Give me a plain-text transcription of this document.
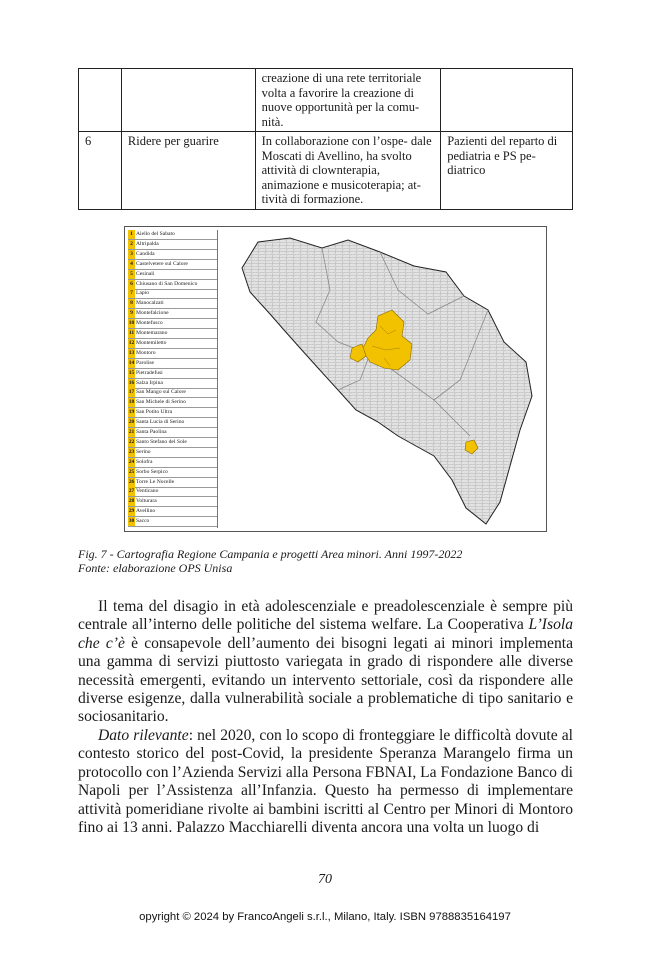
		creazione di una rete territoriale volta a favorire la creazione di nuove opportunità per la comu- nità.	
6	Ridere per guarire	In collaborazione con l’ospe- dale Moscati di Avellino, ha svolto attività di clownterapia, animazione e musicoterapia; at- tività di formazione.	Pazienti del reparto di pediatria e PS pe- diatrico
1 Aiello del Sabato
2 Altripalda
3 Candida
4 Castelvetere sul Calore
5 Cesinali
6 Chiusano di San Domenico
7 Lapio
8 Manocalzati
9 Montefalcione
10 Montefusco
11 Montemarano
12 Montemiletto
13 Montoro
14 Parolise
15 Pietradefusi
16 Salza Irpina
17 San Mango sul Calore
18 San Michele di Serino
19 San Potito Ultra
20 Santa Lucia di Serino
21 Santa Paolina
22 Santo Stefano del Sole
23 Serino
24 Solofra
25 Sorbo Serpico
26 Torre Le Nocelle
27 Venticano
28 Volturara
29 Avellino
30 Sacco
Fig. 7 - Cartografia Regione Campania e progetti Area minori. Anni 1997-2022
Fonte: elaborazione OPS Unisa

Il tema del disagio in età adolescenziale e preadolescenziale è sempre più centrale all’interno delle politiche del sistema welfare. La Cooperativa L’Isola che c’è è consapevole dell’aumento dei bisogni legati ai minori implementa una gamma di servizi piuttosto variegata in grado di rispondere alle diverse necessità emergenti, evitando un intervento settoriale, così da rispondere alle diverse esigenze, dalla vulnerabilità sociale a problematiche di tipo sanitario e sociosanitario.

Dato rilevante: nel 2020, con lo scopo di fronteggiare le difficoltà dovute al contesto storico del post-Covid, la presidente Speranza Marangelo firma un protocollo con l’Azienda Servizi alla Persona FBNAI, La Fondazione Banco di Napoli per l’Assistenza all’Infanzia. Questo ha permesso di implementare attività pomeridiane rivolte ai bambini iscritti al Centro per Minori di Montoro fino ai 13 anni. Palazzo Macchiarelli diventa ancora una volta un luogo di

70
opyright © 2024 by FrancoAngeli s.r.l., Milano, Italy. ISBN 9788835164197
